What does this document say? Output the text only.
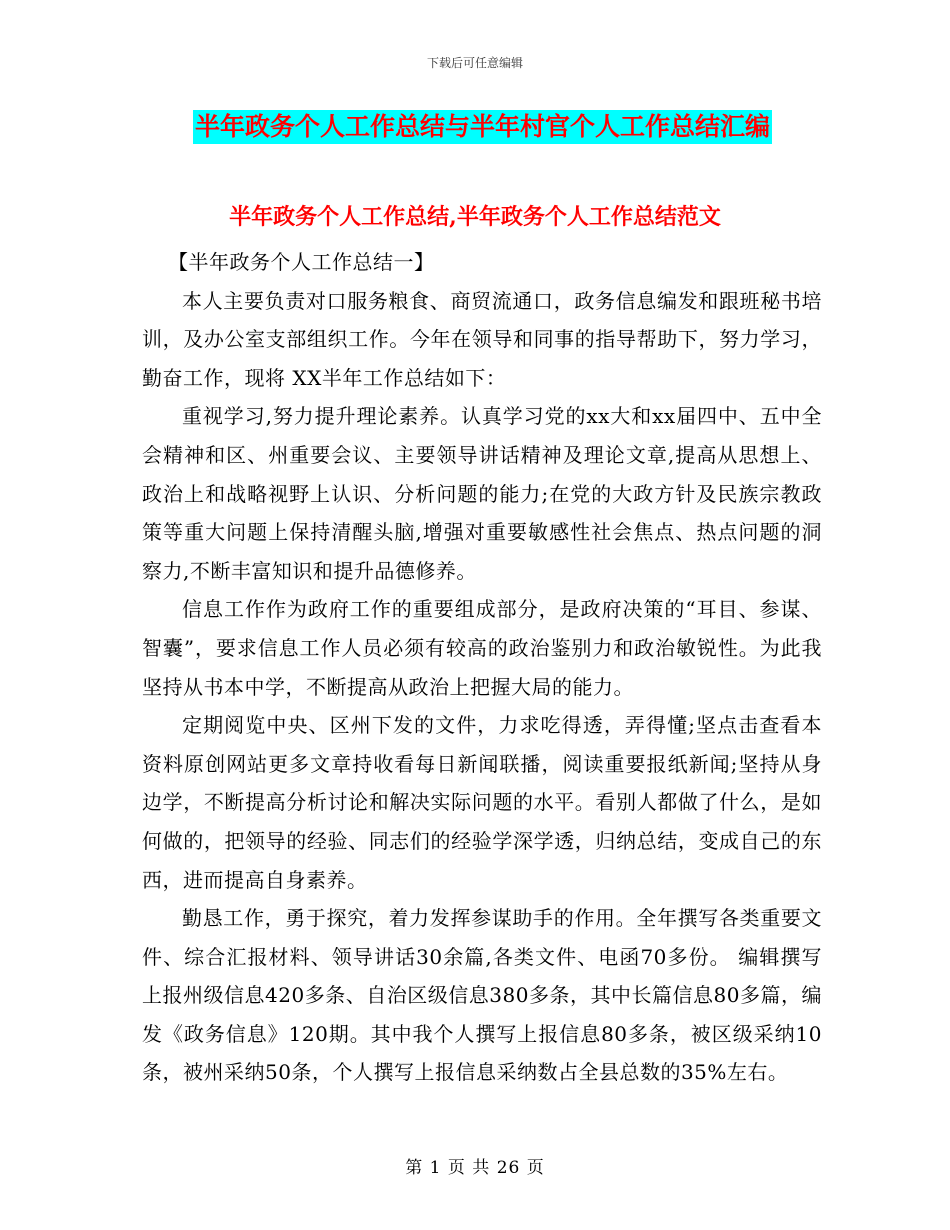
下载后可任意编辑
半年政务个人工作总结与半年村官个人工作总结汇编
半年政务个人工作总结,半年政务个人工作总结范文

【半年政务个人工作总结一】

本人主要负责对口服务粮食、商贸流通口，政务信息编发和跟班秘书培训，及办公室支部组织工作。今年在领导和同事的指导帮助下，努力学习，勤奋工作，现将 XX半年工作总结如下：

重视学习,努力提升理论素养。认真学习党的xx大和xx届四中、五中全会精神和区、州重要会议、主要领导讲话精神及理论文章,提高从思想上、政治上和战略视野上认识、分析问题的能力;在党的大政方针及民族宗教政策等重大问题上保持清醒头脑,增强对重要敏感性社会焦点、热点问题的洞察力,不断丰富知识和提升品德修养。

信息工作作为政府工作的重要组成部分，是政府决策的“耳目、参谋、智囊”，要求信息工作人员必须有较高的政治鉴别力和政治敏锐性。为此我坚持从书本中学，不断提高从政治上把握大局的能力。

定期阅览中央、区州下发的文件，力求吃得透，弄得懂;坚点击查看本资料原创网站更多文章持收看每日新闻联播，阅读重要报纸新闻;坚持从身边学，不断提高分析讨论和解决实际问题的水平。看别人都做了什么，是如何做的，把领导的经验、同志们的经验学深学透，归纳总结，变成自己的东西，进而提高自身素养。

勤恳工作，勇于探究，着力发挥参谋助手的作用。全年撰写各类重要文件、综合汇报材料、领导讲话30余篇,各类文件、电函70多份。 编辑撰写上报州级信息420多条、自治区级信息380多条，其中长篇信息80多篇，编发《政务信息》120期。其中我个人撰写上报信息80多条，被区级采纳10条，被州采纳50条，个人撰写上报信息采纳数占全县总数的35%左右。

第 1 页 共 26 页
